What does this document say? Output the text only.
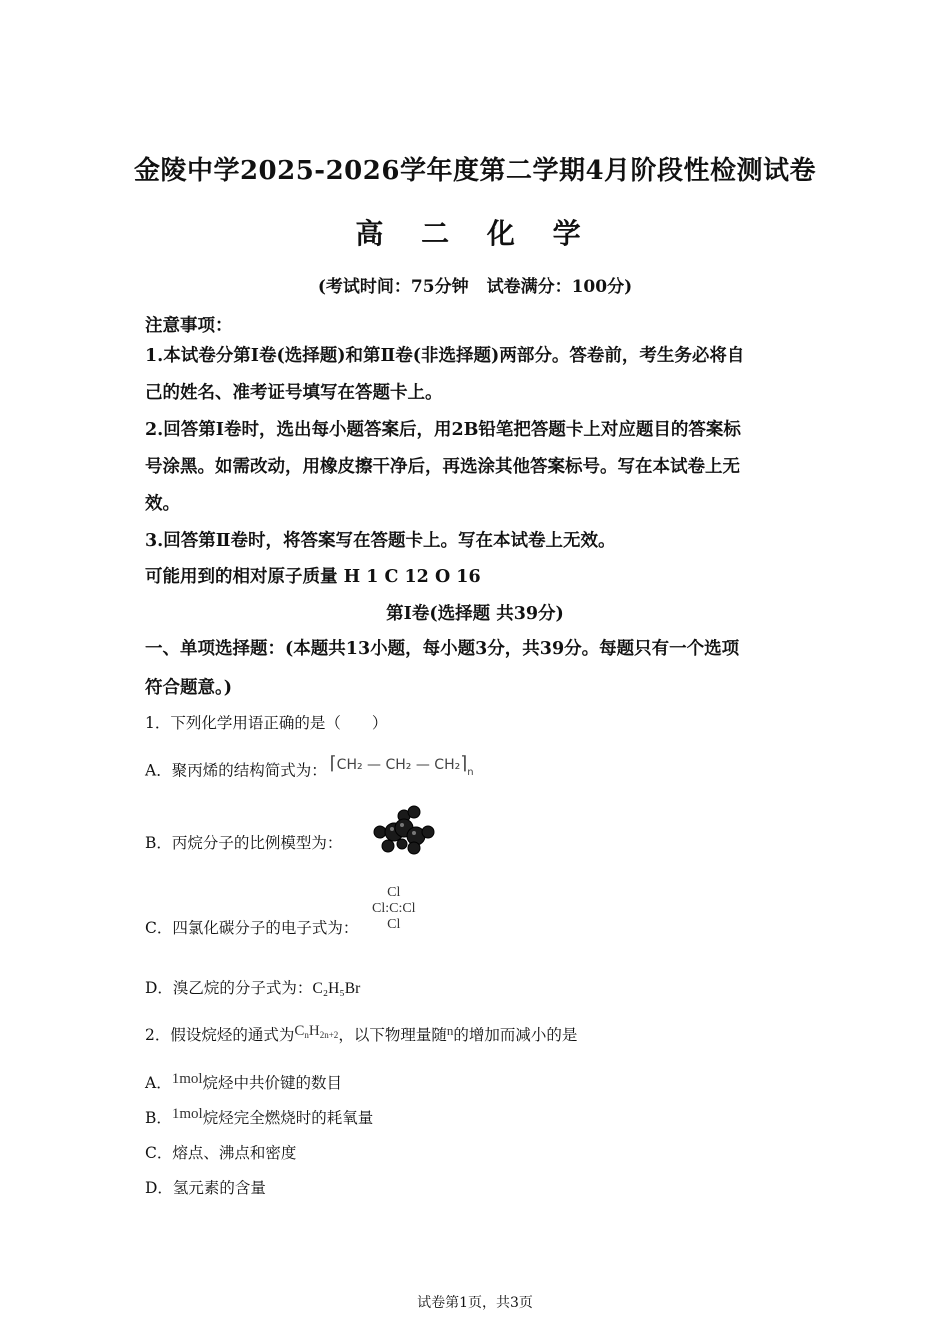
金陵中学2025-2026学年度第二学期4月阶段性检测试卷
高 二 化 学
(考试时间：75分钟 试卷满分：100分)
注意事项：
1.本试卷分第Ⅰ卷(选择题)和第Ⅱ卷(非选择题)两部分。答卷前，考生务必将自
己的姓名、准考证号填写在答题卡上。
2.回答第Ⅰ卷时，选出每小题答案后，用2B铅笔把答题卡上对应题目的答案标
号涂黑。如需改动，用橡皮擦干净后，再选涂其他答案标号。写在本试卷上无
效。
3.回答第Ⅱ卷时，将答案写在答题卡上。写在本试卷上无效。
可能用到的相对原子质量 H 1 C 12 O 16
第Ⅰ卷(选择题 共39分)
一、单项选择题：(本题共13小题，每小题3分，共39分。每题只有一个选项
符合题意。)
1．下列化学用语正确的是（　　）
A．聚丙烯的结构简式为： ⌈CH₂ — CH₂ — $CH_2⌉_n$
B．丙烷分子的比例模型为：
C．四氯化碳分子的电子式为：
Cl
Cl:C:Cl
Cl
D．溴乙烷的分子式为：C₂H₅Br
2．假设烷烃的通式为$C_nH_{2n+2}$，以下物理量随$^n$的增加而减小的是
A．1mol烷烃中共价键的数目
B．1mol烷烃完全燃烧时的耗氧量
C．熔点、沸点和密度
D．氢元素的含量
试卷第1页，共3页
